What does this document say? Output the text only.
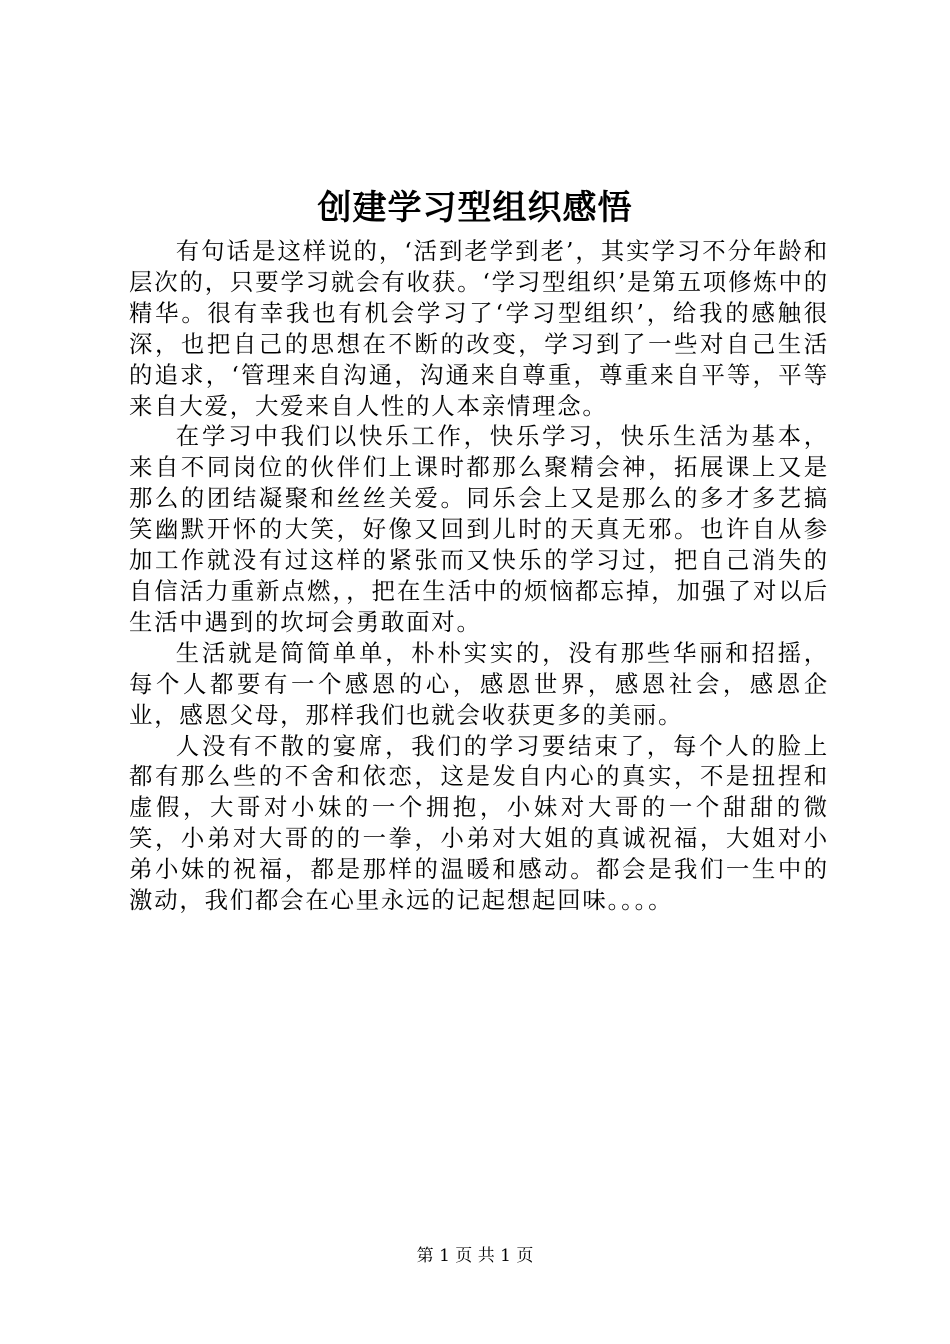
创建学习型组织感悟

有句话是这样说的，‘活到老学到老’，其实学习不分年龄和层次的，只要学习就会有收获。‘学习型组织’是第五项修炼中的精华。很有幸我也有机会学习了‘学习型组织’，给我的感触很深，也把自己的思想在不断的改变，学习到了一些对自己生活的追求，‘管理来自沟通，沟通来自尊重，尊重来自平等，平等来自大爱，大爱来自人性的人本亲情理念。

在学习中我们以快乐工作，快乐学习，快乐生活为基本，来自不同岗位的伙伴们上课时都那么聚精会神，拓展课上又是那么的团结凝聚和丝丝关爱。同乐会上又是那么的多才多艺搞笑幽默开怀的大笑，好像又回到儿时的天真无邪。也许自从参加工作就没有过这样的紧张而又快乐的学习过，把自己消失的自信活力重新点燃，，把在生活中的烦恼都忘掉，加强了对以后生活中遇到的坎坷会勇敢面对。

生活就是简简单单，朴朴实实的，没有那些华丽和招摇，每个人都要有一个感恩的心，感恩世界，感恩社会，感恩企业，感恩父母，那样我们也就会收获更多的美丽。

人没有不散的宴席，我们的学习要结束了，每个人的脸上都有那么些的不舍和依恋，这是发自内心的真实，不是扭捏和虚假，大哥对小妹的一个拥抱，小妹对大哥的一个甜甜的微笑，小弟对大哥的的一拳，小弟对大姐的真诚祝福，大姐对小弟小妹的祝福，都是那样的温暖和感动。都会是我们一生中的激动，我们都会在心里永远的记起想起回味。。。。

第 1 页 共 1 页
